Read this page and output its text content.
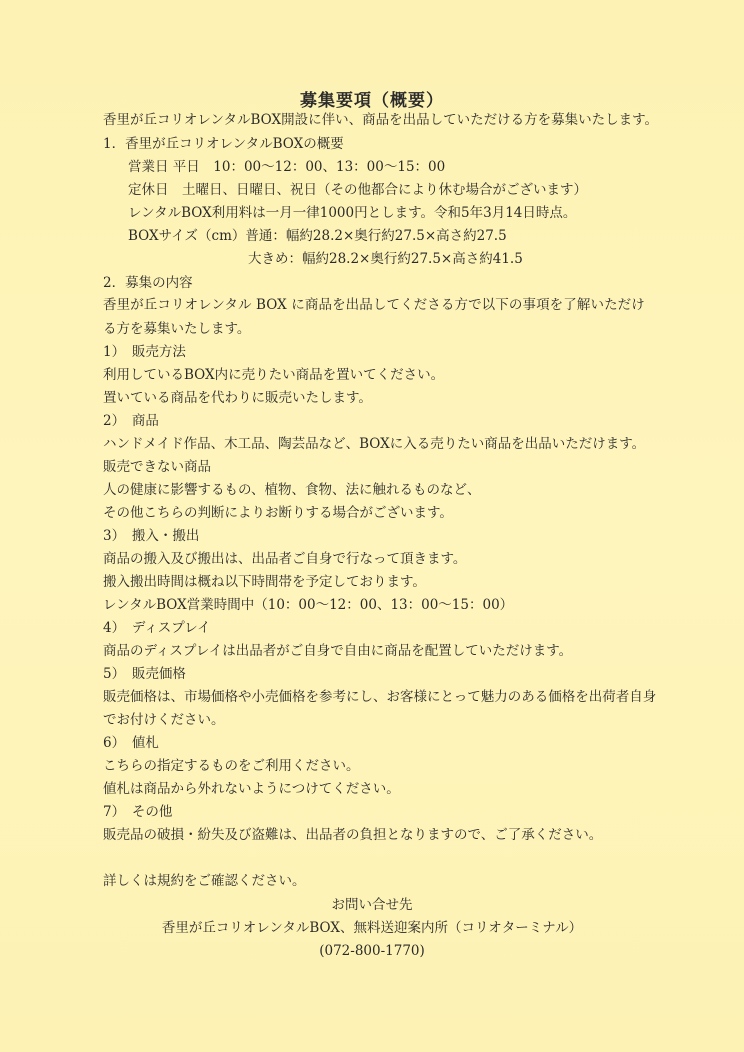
募集要項（概要）
香里が丘コリオレンタルBOX開設に伴い、商品を出品していただける方を募集いたします。
1．香里が丘コリオレンタルBOXの概要
営業日 平日　10：00〜12：00、13：00〜15：00
定休日　土曜日、日曜日、祝日（その他都合により休む場合がございます）
レンタルBOX利用料は一月一律1000円とします。令和5年3月14日時点。
BOXサイズ（cm）普通：幅約28.2×奥行約27.5×高さ約27.5
大きめ：幅約28.2×奥行約27.5×高さ約41.5
2．募集の内容
香里が丘コリオレンタル BOX に商品を出品してくださる方で以下の事項を了解いただけ
る方を募集いたします。
1）　販売方法
利用しているBOX内に売りたい商品を置いてください。
置いている商品を代わりに販売いたします。
2）　商品
ハンドメイド作品、木工品、陶芸品など、BOXに入る売りたい商品を出品いただけます。
販売できない商品
人の健康に影響するもの、植物、食物、法に触れるものなど、
その他こちらの判断によりお断りする場合がございます。
3）　搬入・搬出
商品の搬入及び搬出は、出品者ご自身で行なって頂きます。
搬入搬出時間は概ね以下時間帯を予定しております。
レンタルBOX営業時間中（10：00〜12：00、13：00〜15：00）
4）　ディスプレイ
商品のディスプレイは出品者がご自身で自由に商品を配置していただけます。
5）　販売価格
販売価格は、市場価格や小売価格を参考にし、お客様にとって魅力のある価格を出荷者自身
でお付けください。
6）　値札
こちらの指定するものをご利用ください。
値札は商品から外れないようにつけてください。
7）　その他
販売品の破損・紛失及び盗難は、出品者の負担となりますので、ご了承ください。
詳しくは規約をご確認ください。
お問い合せ先
香里が丘コリオレンタルBOX、無料送迎案内所（コリオターミナル）
(072-800-1770)
